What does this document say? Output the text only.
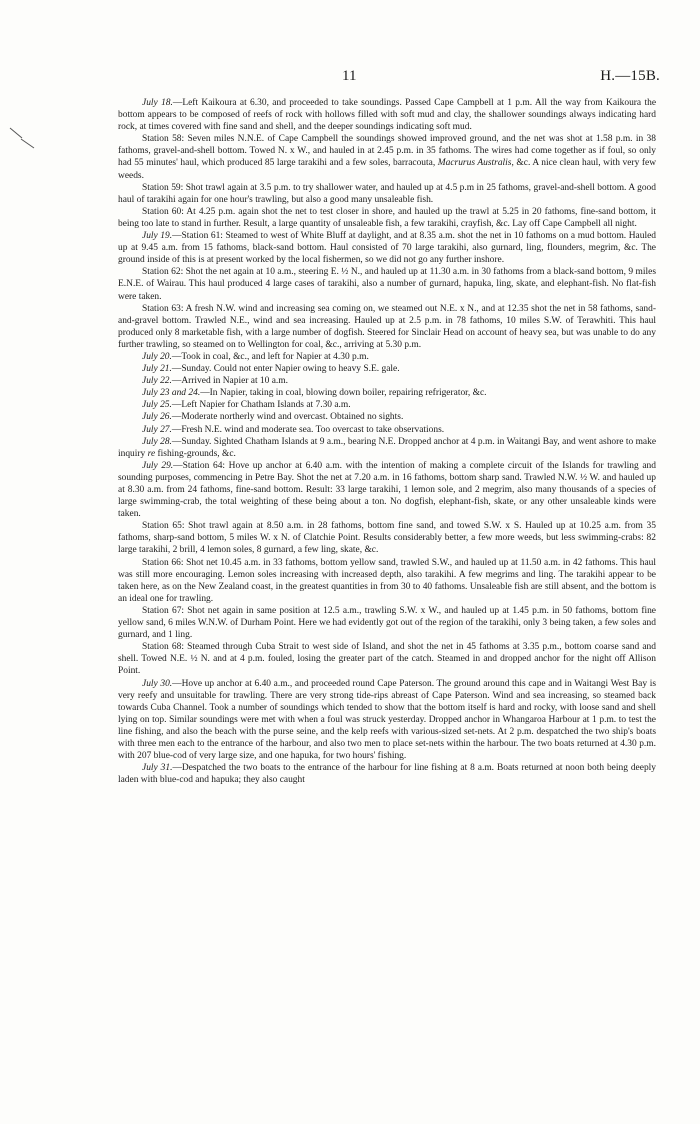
11	H.—15B.

July 18.—Left Kaikoura at 6.30, and proceeded to take soundings. Passed Cape Campbell at 1 p.m. All the way from Kaikoura the bottom appears to be composed of reefs of rock with hollows filled with soft mud and clay, the shallower soundings always indicating hard rock, at times covered with fine sand and shell, and the deeper soundings indicating soft mud.

Station 58: Seven miles N.N.E. of Cape Campbell the soundings showed improved ground, and the net was shot at 1.58 p.m. in 38 fathoms, gravel-and-shell bottom. Towed N. x W., and hauled in at 2.45 p.m. in 35 fathoms. The wires had come together as if foul, so only had 55 minutes' haul, which produced 85 large tarakihi and a few soles, barracouta, Macrurus Australis, &c. A nice clean haul, with very few weeds.

Station 59: Shot trawl again at 3.5 p.m. to try shallower water, and hauled up at 4.5 p.m in 25 fathoms, gravel-and-shell bottom. A good haul of tarakihi again for one hour's trawling, but also a good many unsaleable fish.

Station 60: At 4.25 p.m. again shot the net to test closer in shore, and hauled up the trawl at 5.25 in 20 fathoms, fine-sand bottom, it being too late to stand in further. Result, a large quantity of unsaleable fish, a few tarakihi, crayfish, &c. Lay off Cape Campbell all night.

July 19.—Station 61: Steamed to west of White Bluff at daylight, and at 8.35 a.m. shot the net in 10 fathoms on a mud bottom. Hauled up at 9.45 a.m. from 15 fathoms, black-sand bottom. Haul consisted of 70 large tarakihi, also gurnard, ling, flounders, megrim, &c. The ground inside of this is at present worked by the local fishermen, so we did not go any further inshore.

Station 62: Shot the net again at 10 a.m., steering E. ½ N., and hauled up at 11.30 a.m. in 30 fathoms from a black-sand bottom, 9 miles E.N.E. of Wairau. This haul produced 4 large cases of tarakihi, also a number of gurnard, hapuka, ling, skate, and elephant-fish. No flat-fish were taken.

Station 63: A fresh N.W. wind and increasing sea coming on, we steamed out N.E. x N., and at 12.35 shot the net in 58 fathoms, sand-and-gravel bottom. Trawled N.E., wind and sea increasing. Hauled up at 2.5 p.m. in 78 fathoms, 10 miles S.W. of Terawhiti. This haul produced only 8 marketable fish, with a large number of dogfish. Steered for Sinclair Head on account of heavy sea, but was unable to do any further trawling, so steamed on to Wellington for coal, &c., arriving at 5.30 p.m.

July 20.—Took in coal, &c., and left for Napier at 4.30 p.m.

July 21.—Sunday. Could not enter Napier owing to heavy S.E. gale.

July 22.—Arrived in Napier at 10 a.m.

July 23 and 24.—In Napier, taking in coal, blowing down boiler, repairing refrigerator, &c.

July 25.—Left Napier for Chatham Islands at 7.30 a.m.

July 26.—Moderate northerly wind and overcast. Obtained no sights.

July 27.—Fresh N.E. wind and moderate sea. Too overcast to take observations.

July 28.—Sunday. Sighted Chatham Islands at 9 a.m., bearing N.E. Dropped anchor at 4 p.m. in Waitangi Bay, and went ashore to make inquiry re fishing-grounds, &c.

July 29.—Station 64: Hove up anchor at 6.40 a.m. with the intention of making a complete circuit of the Islands for trawling and sounding purposes, commencing in Petre Bay. Shot the net at 7.20 a.m. in 16 fathoms, bottom sharp sand. Trawled N.W. ½ W. and hauled up at 8.30 a.m. from 24 fathoms, fine-sand bottom. Result: 33 large tarakihi, 1 lemon sole, and 2 megrim, also many thousands of a species of large swimming-crab, the total weighting of these being about a ton. No dogfish, elephant-fish, skate, or any other unsaleable kinds were taken.

Station 65: Shot trawl again at 8.50 a.m. in 28 fathoms, bottom fine sand, and towed S.W. x S. Hauled up at 10.25 a.m. from 35 fathoms, sharp-sand bottom, 5 miles W. x N. of Clatchie Point. Results considerably better, a few more weeds, but less swimming-crabs: 82 large tarakihi, 2 brill, 4 lemon soles, 8 gurnard, a few ling, skate, &c.

Station 66: Shot net 10.45 a.m. in 33 fathoms, bottom yellow sand, trawled S.W., and hauled up at 11.50 a.m. in 42 fathoms. This haul was still more encouraging. Lemon soles increasing with increased depth, also tarakihi. A few megrims and ling. The tarakihi appear to be taken here, as on the New Zealand coast, in the greatest quantities in from 30 to 40 fathoms. Unsaleable fish are still absent, and the bottom is an ideal one for trawling.

Station 67: Shot net again in same position at 12.5 a.m., trawling S.W. x W., and hauled up at 1.45 p.m. in 50 fathoms, bottom fine yellow sand, 6 miles W.N.W. of Durham Point. Here we had evidently got out of the region of the tarakihi, only 3 being taken, a few soles and gurnard, and 1 ling.

Station 68: Steamed through Cuba Strait to west side of Island, and shot the net in 45 fathoms at 3.35 p.m., bottom coarse sand and shell. Towed N.E. ½ N. and at 4 p.m. fouled, losing the greater part of the catch. Steamed in and dropped anchor for the night off Allison Point.

July 30.—Hove up anchor at 6.40 a.m., and proceeded round Cape Paterson. The ground around this cape and in Waitangi West Bay is very reefy and unsuitable for trawling. There are very strong tide-rips abreast of Cape Paterson. Wind and sea increasing, so steamed back towards Cuba Channel. Took a number of soundings which tended to show that the bottom itself is hard and rocky, with loose sand and shell lying on top. Similar soundings were met with when a foul was struck yesterday. Dropped anchor in Whangaroa Harbour at 1 p.m. to test the line fishing, and also the beach with the purse seine, and the kelp reefs with various-sized set-nets. At 2 p.m. despatched the two ship's boats with three men each to the entrance of the harbour, and also two men to place set-nets within the harbour. The two boats returned at 4.30 p.m. with 207 blue-cod of very large size, and one hapuka, for two hours' fishing.

July 31.—Despatched the two boats to the entrance of the harbour for line fishing at 8 a.m. Boats returned at noon both being deeply laden with blue-cod and hapuka; they also caught
